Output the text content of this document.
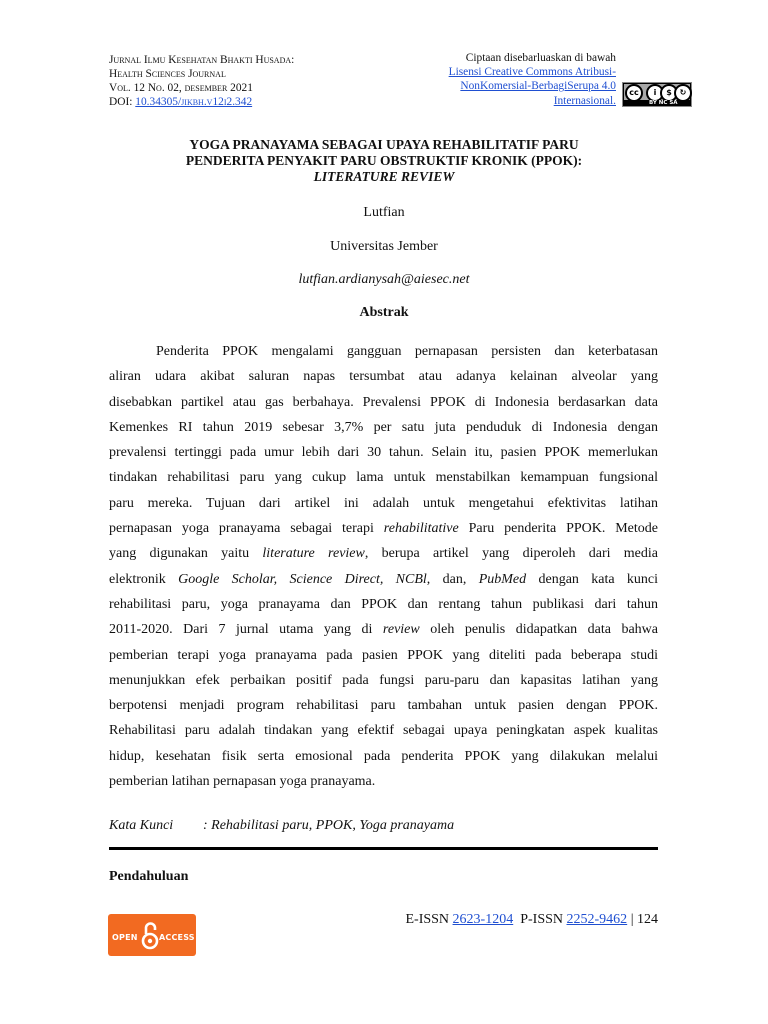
Jurnal Ilmu Kesehatan Bhakti Husada:
Health Sciences Journal
Vol. 12 No. 02, desember 2021
DOI: 10.34305/jikbh.v12i2.342
Ciptaan disebarluaskan di bawah
Lisensi Creative Commons Atribusi-
NonKomersial-BerbagiSerupa 4.0
Internasional.
cc	i	$ ↻
BY NC SA
YOGA PRANAYAMA SEBAGAI UPAYA REHABILITATIF PARU
PENDERITA PENYAKIT PARU OBSTRUKTIF KRONIK (PPOK):
LITERATURE REVIEW
Lutfian
Universitas Jember
lutfian.ardianysah@aiesec.net
Abstrak

Penderita PPOK mengalami gangguan pernapasan persisten dan keterbatasan

aliran udara akibat saluran napas tersumbat atau adanya kelainan alveolar yang

disebabkan partikel atau gas berbahaya. Prevalensi PPOK di Indonesia berdasarkan data

Kemenkes RI tahun 2019 sebesar 3,7% per satu juta penduduk di Indonesia dengan

prevalensi tertinggi pada umur lebih dari 30 tahun. Selain itu, pasien PPOK memerlukan

tindakan rehabilitasi paru yang cukup lama untuk menstabilkan kemampuan fungsional

paru mereka. Tujuan dari artikel ini adalah untuk mengetahui efektivitas latihan

pernapasan yoga pranayama sebagai terapi rehabilitative Paru penderita PPOK. Metode

yang digunakan yaitu literature review, berupa artikel yang diperoleh dari media

elektronik Google Scholar, Science Direct, NCBl, dan, PubMed dengan kata kunci

rehabilitasi paru, yoga pranayama dan PPOK dan rentang tahun publikasi dari tahun

2011-2020. Dari 7 jurnal utama yang di review oleh penulis didapatkan data bahwa

pemberian terapi yoga pranayama pada pasien PPOK yang diteliti pada beberapa studi

menunjukkan efek perbaikan positif pada fungsi paru-paru dan kapasitas latihan yang

berpotensi menjadi program rehabilitasi paru tambahan untuk pasien dengan PPOK.

Rehabilitasi paru adalah tindakan yang efektif sebagai upaya peningkatan aspek kualitas

hidup, kesehatan fisik serta emosional pada penderita PPOK yang dilakukan melalui

pemberian latihan pernapasan yoga pranayama.

Kata Kunci : Rehabilitasi paru, PPOK, Yoga pranayama
Pendahuluan
OPEN	ACCESS
E-ISSN 2623-1204  P-ISSN 2252-9462 | 124
